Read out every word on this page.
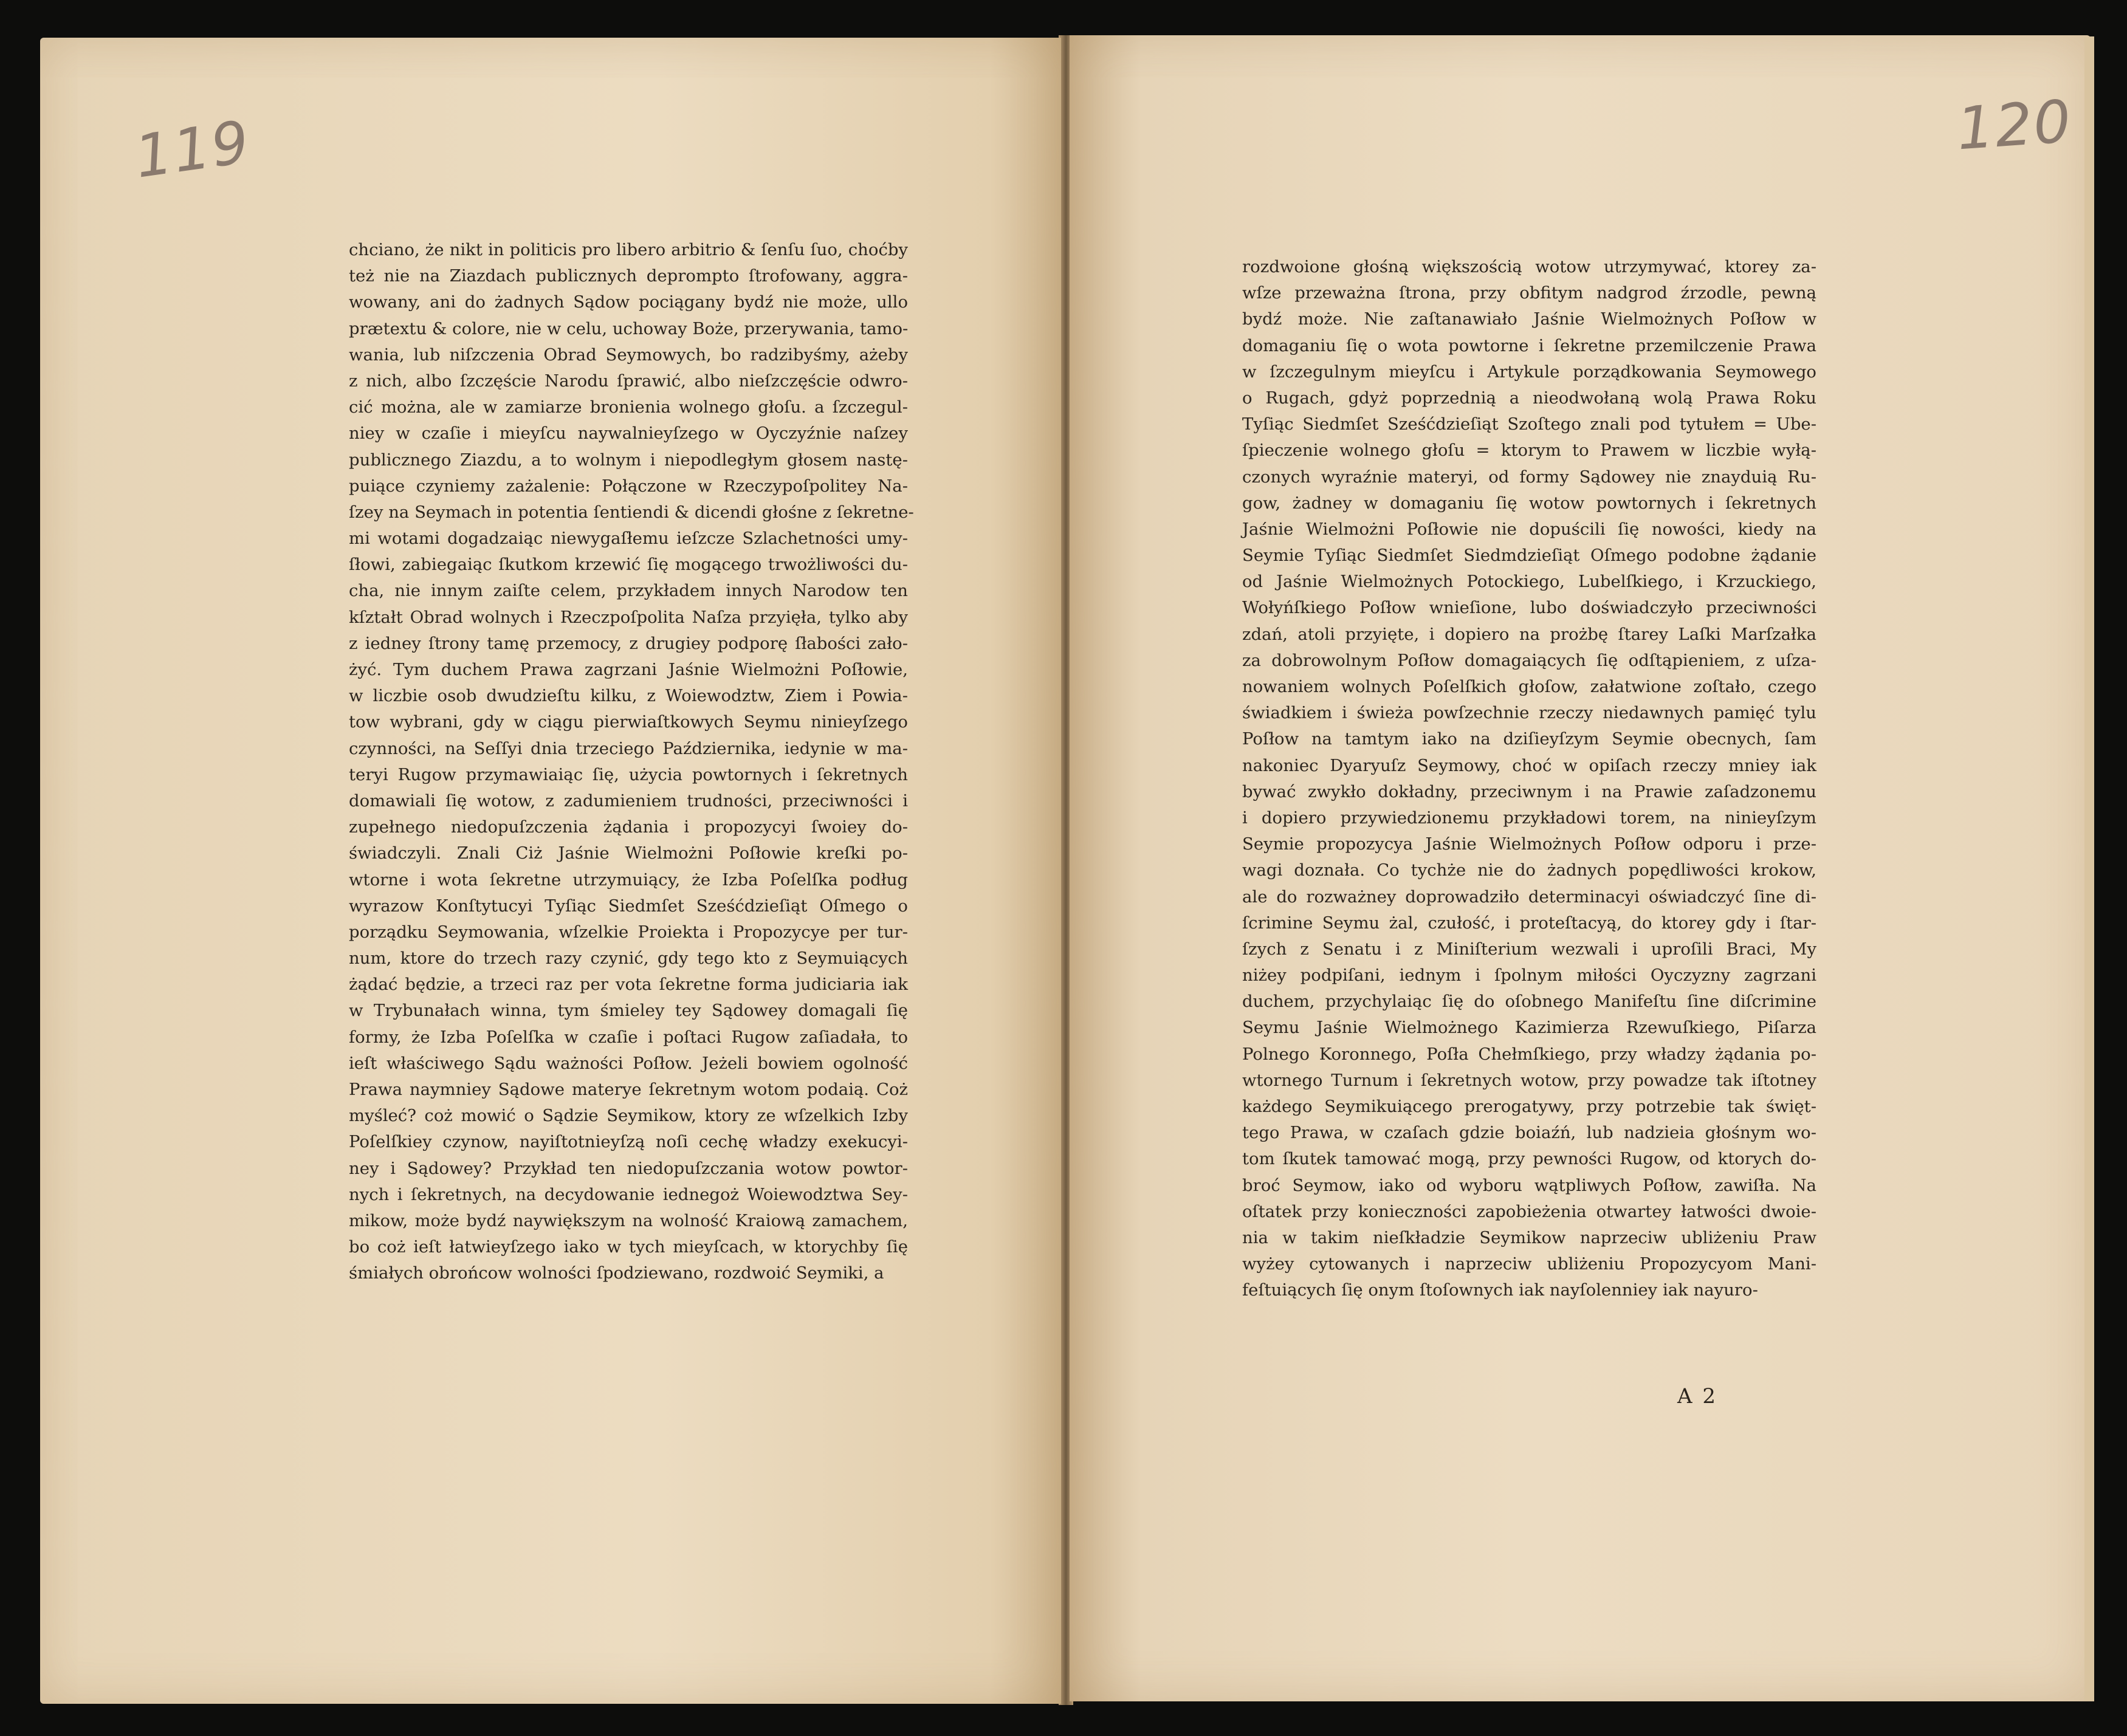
119	120
chciano, że nikt in politicis pro libero arbitrio & ſenſu ſuo, choćby
też nie na Ziazdach publicznych deprompto ſtrofowany, aggra-
wowany, ani do żadnych Sądow pociągany bydź nie może, ullo
prætextu & colore, nie w celu, uchoway Boże, przerywania, tamo-
wania, lub niſzczenia Obrad Seymowych, bo radzibyśmy, ażeby
z nich, albo ſzczęście Narodu ſprawić, albo nieſzczęście odwro-
cić można, ale w zamiarze bronienia wolnego głoſu. a ſzczegul-
niey w czaſie i mieyſcu naywalnieyſzego w Oyczyźnie naſzey
publicznego Ziazdu, a to wolnym i niepodległym głosem nastę-
puiące czyniemy zażalenie: Połączone w Rzeczypoſpolitey Na-
ſzey na Seymach in potentia ſentiendi & dicendi głośne z ſekretne-
mi wotami dogadzaiąc niewygaſłemu ieſzcze Szlachetności umy-
ſłowi, zabiegaiąc ſkutkom krzewić ſię mogącego trwożliwości du-
cha, nie innym zaiſte celem, przykładem innych Narodow ten
kſztałt Obrad wolnych i Rzeczpoſpolita Naſza przyięła, tylko aby
z iedney ſtrony tamę przemocy, z drugiey podporę ſłabości zało-
żyć. Tym duchem Prawa zagrzani Jaśnie Wielmożni Poſłowie,
w liczbie osob dwudzieſtu kilku, z Woiewodztw, Ziem i Powia-
tow wybrani, gdy w ciągu pierwiaſtkowych Seymu ninieyſzego
czynności, na Seſſyi dnia trzeciego Października, iedynie w ma-
teryi Rugow przymawiaiąc ſię, użycia powtornych i ſekretnych
domawiali ſię wotow, z zadumieniem trudności, przeciwności i
zupełnego niedopuſzczenia żądania i propozycyi ſwoiey do-
świadczyli. Znali Ciż Jaśnie Wielmożni Poſłowie kreſki po-
wtorne i wota ſekretne utrzymuiący, że Izba Poſelſka podług
wyrazow Konſtytucyi Tyſiąc Siedmſet Sześćdzieſiąt Oſmego o
porządku Seymowania, wſzelkie Proiekta i Propozycye per tur-
num, ktore do trzech razy czynić, gdy tego kto z Seymuiących
żądać będzie, a trzeci raz per vota ſekretne forma judiciaria iak
w Trybunałach winna, tym śmieley tey Sądowey domagali ſię
formy, że Izba Poſelſka w czaſie i poſtaci Rugow zaſiadała, to
ieſt właściwego Sądu ważności Poſłow. Jeżeli bowiem ogolność
Prawa naymniey Sądowe materye ſekretnym wotom podaią. Coż
myśleć? coż mowić o Sądzie Seymikow, ktory ze wſzelkich Izby
Poſelſkiey czynow, nayiſtotnieyſzą noſi cechę władzy exekucyi-
ney i Sądowey? Przykład ten niedopuſzczania wotow powtor-
nych i ſekretnych, na decydowanie iednegoż Woiewodztwa Sey-
mikow, może bydź naywiększym na wolność Kraiową zamachem,
bo coż ieſt łatwieyſzego iako w tych mieyſcach, w ktorychby ſię
śmiałych obrońcow wolności ſpodziewano, rozdwoić Seymiki, a
rozdwoione głośną większością wotow utrzymywać, ktorey za-
wſze przeważna ſtrona, przy obfitym nadgrod źrzodle, pewną
bydź może. Nie zaſtanawiało Jaśnie Wielmożnych Poſłow w
domaganiu ſię o wota powtorne i ſekretne przemilczenie Prawa
w ſzczegulnym mieyſcu i Artykule porządkowania Seymowego
o Rugach, gdyż poprzednią a nieodwołaną wolą Prawa Roku
Tyſiąc Siedmſet Sześćdzieſiąt Szoſtego znali pod tytułem = Ube-
ſpieczenie wolnego głoſu = ktorym to Prawem w liczbie wyłą-
czonych wyraźnie materyi, od formy Sądowey nie znayduią Ru-
gow, żadney w domaganiu ſię wotow powtornych i ſekretnych
Jaśnie Wielmożni Poſłowie nie dopuścili ſię nowości, kiedy na
Seymie Tyſiąc Siedmſet Siedmdzieſiąt Oſmego podobne żądanie
od Jaśnie Wielmożnych Potockiego, Lubelſkiego, i Krzuckiego,
Wołyńſkiego Poſłow wnieſione, lubo doświadczyło przeciwności
zdań, atoli przyięte, i dopiero na prożbę ſtarey Laſki Marſzałka
za dobrowolnym Poſłow domagaiących ſię odſtąpieniem, z uſza-
nowaniem wolnych Poſelſkich głoſow, załatwione zoſtało, czego
świadkiem i świeża powſzechnie rzeczy niedawnych pamięć tylu
Poſłow na tamtym iako na dziſieyſzym Seymie obecnych, ſam
nakoniec Dyaryuſz Seymowy, choć w opiſach rzeczy mniey iak
bywać zwykło dokładny, przeciwnym i na Prawie zaſadzonemu
i dopiero przywiedzionemu przykładowi torem, na ninieyſzym
Seymie propozycya Jaśnie Wielmożnych Poſłow odporu i prze-
wagi doznała. Co tychże nie do żadnych popędliwości krokow,
ale do rozważney doprowadziło determinacyi oświadczyć ſine di-
ſcrimine Seymu żal, czułość, i proteſtacyą, do ktorey gdy i ſtar-
ſzych z Senatu i z Miniſterium wezwali i uproſili Braci, My
niżey podpiſani, iednym i ſpolnym miłości Oyczyzny zagrzani
duchem, przychylaiąc ſię do oſobnego Manifeſtu ſine diſcrimine
Seymu Jaśnie Wielmożnego Kazimierza Rzewuſkiego, Piſarza
Polnego Koronnego, Poſła Chełmſkiego, przy władzy żądania po-
wtornego Turnum i ſekretnych wotow, przy powadze tak iſtotney
każdego Seymikuiącego prerogatywy, przy potrzebie tak święt-
tego Prawa, w czaſach gdzie boiaźń, lub nadzieia głośnym wo-
tom ſkutek tamować mogą, przy pewności Rugow, od ktorych do-
broć Seymow, iako od wyboru wątpliwych Poſłow, zawiſła. Na
oſtatek przy konieczności zapobieżenia otwartey łatwości dwoie-
nia w takim nieſkładzie Seymikow naprzeciw ubliżeniu Praw
wyżey cytowanych i naprzeciw ubliżeniu Propozycyom Mani-
feſtuiących ſię onym ſtoſownych iak nayſolenniey iak nayuro-
A 2
